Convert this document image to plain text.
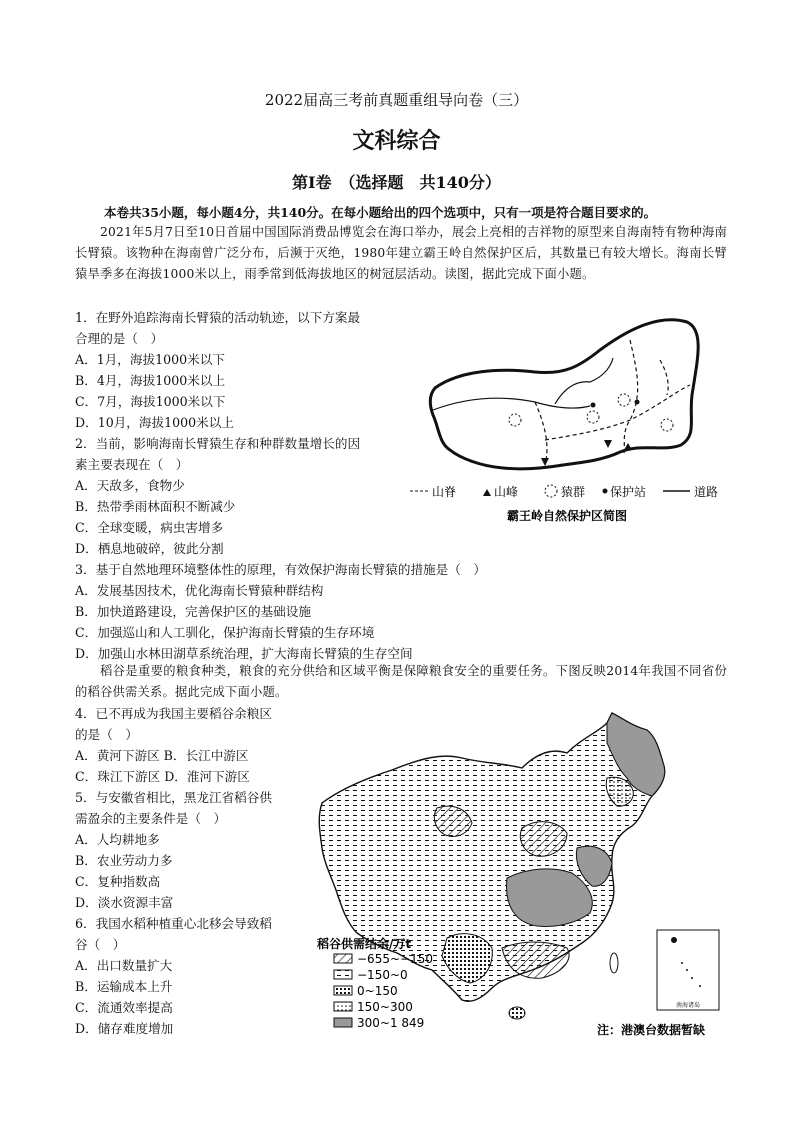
2022届高三考前真题重组导向卷（三）
文科综合
第Ⅰ卷　（选择题　共140分）
本卷共35小题，每小题4分，共140分。在每小题给出的四个选项中，只有一项是符合题目要求的。
2021年5月7日至10日首届中国国际消费品博览会在海口举办，展会上亮相的吉祥物的原型来自海南特有物种海南长臂猿。该物种在海南曾广泛分布，后濒于灭绝，1980年建立霸王岭自然保护区后，其数量已有较大增长。海南长臂猿旱季多在海拔1000米以上，雨季常到低海拔地区的树冠层活动。读图，据此完成下面小题。
1．在野外追踪海南长臂猿的活动轨迹，以下方案最
合理的是（　）
A．1月，海拔1000米以下
B．4月，海拔1000米以上
C．7月，海拔1000米以下
D．10月，海拔1000米以上
2．当前，影响海南长臂猿生存和种群数量增长的因
素主要表现在（　）
A．天敌多，食物少
B．热带季雨林面积不断减少
C．全球变暖，病虫害增多
D．栖息地破碎，彼此分割
3．基于自然地理环境整体性的原理，有效保护海南长臂猿的措施是（　）
A．发展基因技术，优化海南长臂猿种群结构
B．加快道路建设，完善保护区的基础设施
C．加强巡山和人工驯化，保护海南长臂猿的生存环境
D．加强山水林田湖草系统治理，扩大海南长臂猿的生存空间
稻谷是重要的粮食种类，粮食的充分供给和区域平衡是保障粮食安全的重要任务。下图反映2014年我国不同省份的稻谷供需关系。据此完成下面小题。
4．已不再成为我国主要稻谷余粮区
的是（　）
A．黄河下游区 B．长江中游区
C．珠江下游区 D．淮河下游区
5．与安徽省相比，黑龙江省稻谷供
需盈余的主要条件是（　）
A．人均耕地多
B．农业劳动力多
C．复种指数高
D．淡水资源丰富
6．我国水稻种植重心北移会导致稻
谷（　）
A．出口数量扩大
B．运输成本上升
C．流通效率提高
D．储存难度增加
山脊	山峰	猿群 保护站	道路
霸王岭自然保护区简图
稻谷供需结余/万t
−655~−150
−150~0
0~150
150~300
300~1 849
南海诸岛
注：港澳台数据暂缺
